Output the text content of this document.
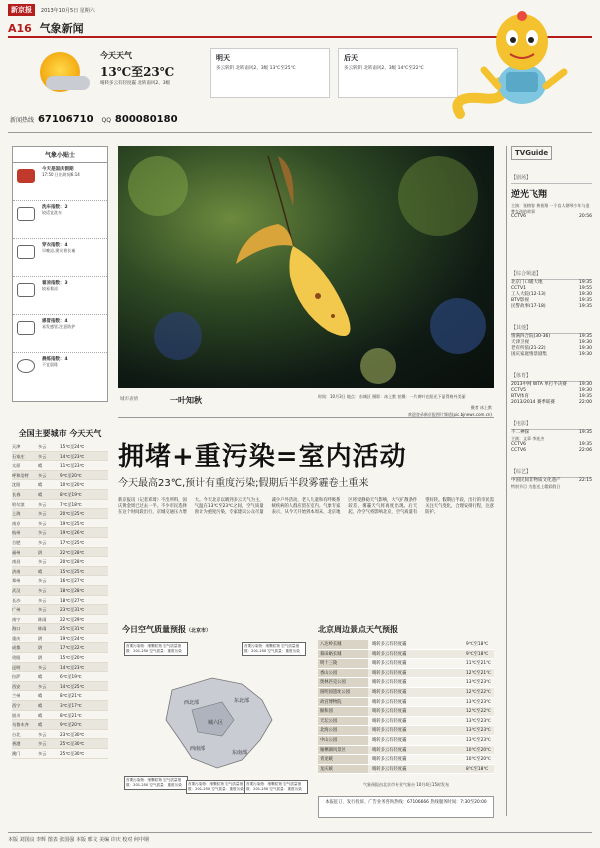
新京报 2013年10月5日 星期六
A16 气象新闻
今天天气
13℃至23℃
晴转多云有轻度霾 北转南风2、3级
明天
多云转阴 北转南风2、3级 13℃至25℃
后天
多云转阴 北转南风2、3级 14℃至22℃
新闻热线 67106710 QQ 800080180
气象小贴士
今天是国庆假期
17:50 日出时间6:14
洗车指数：2
较适宜洗车
穿衣指数：4
早晚凉,建议着长袖
着凉指数：3
较易着凉
感冒指数：4
易发感冒,注意防护
晨练指数：4
不宜晨练
城市表情	一叶知秋	时间：10月3日 地点：东城区 摄影：冰上默 拍摄：一片黄叶在阳光下显得格外美丽
摄者 冰上默
欢迎登录新京报图片频道(pic.bjnews.com.cn)
TVGuide
【剧场】
逆光飞翔
主演：张榕容 黄裕翔 一个盲人钢琴少年与追梦女孩的故事
CCTV6	20:56
【综合频道】
北京门口暖大地	19:35
CCTV1	19:55
工人大院(12-13)	19:30
BTV影视	19:35
民警故事(17-18)	19:35
【其他】
情满四合院(30-36)	19:35
天津卫视	19:30
老有所依(21-22)	19:30
国庆家庭情景剧集	19:30
【体育】
2013中网 WTA 单打半决赛	19:30
CCTV5	19:30
BTV体育	19:35
2013/2014 赛季联赛	22:00
【电影】
不二神探	19:35
主演：文章 李连杰
CCTV6	19:35
CCTV6	22:06
【综艺】
中国民间非物质文化遗产	22:15
特别节目 为您送上精彩假日
全国主要城市 今天天气
天津	多云	15℃至24℃
石家庄	多云	14℃至23℃
太原	晴	11℃至23℃
呼和浩特	多云	9℃至20℃
沈阳	晴	10℃至20℃
长春	晴	8℃至19℃
哈尔滨	多云	7℃至18℃
上海	多云	20℃至25℃
南京	多云	19℃至25℃
杭州	多云	19℃至26℃
合肥	多云	17℃至25℃
福州	阴	22℃至28℃
南昌	多云	20℃至28℃
济南	晴	15℃至25℃
郑州	多云	16℃至27℃
武汉	多云	18℃至28℃
长沙	多云	18℃至27℃
广州	多云	23℃至31℃
南宁	阵雨	22℃至29℃
海口	阵雨	25℃至31℃
重庆	阴	19℃至24℃
成都	阴	17℃至22℃
贵阳	阴	15℃至20℃
昆明	多云	14℃至23℃
拉萨	晴	6℃至19℃
西安	多云	14℃至25℃
兰州	晴	8℃至21℃
西宁	晴	3℃至17℃
银川	晴	8℃至21℃
乌鲁木齐	晴	9℃至20℃
台北	多云	23℃至30℃
香港	多云	25℃至30℃
澳门	多云	25℃至30℃
拥堵+重污染=室内活动
今天最高23℃,预计有重度污染;假期后半段雾霾卷土重来
新京报讯（记者邓琦）不出所料，国庆黄金周已过去一半。不少市民选择在这个时间段出行，京城交通压力增大。今天北京以晴到多云天气为主，气温在13℃至23℃之间，空气质量预计为重度污染，专家建议公众尽量减少户外活动，老人儿童和有呼吸系统疾病的人群应留在室内。气象专家表示，从今天开始到本周末，北京地区将受静稳天气影响，大气扩散条件较差，雾霾天气将再度出现。后天起，冷空气将影响北京，空气质量有望好转。假期后半段，出行的市民需关注天气变化，合理安排行程，注意防护。
今日空气质量预报（北京市）
西北部	东北部
西南部
城六区
东南部
首要污染物：细颗粒物 空气质量指数：201-250 空气质量：重度污染
首要污染物：细颗粒物 空气质量指数：201-250 空气质量：重度污染
首要污染物：细颗粒物 空气质量指数：201-250 空气质量：重度污染	首要污染物：细颗粒物 空气质量指数：201-250 空气质量：重度污染
首要污染物：细颗粒物 空气质量指数：201-250 空气质量：重度污染
北京周边景点天气预报
八达岭长城	晴转多云有轻度霾	9℃至18℃
慕田峪长城	晴转多云有轻度霾	9℃至18℃
明十三陵	晴转多云有轻度霾	11℃至21℃
香山公园	晴转多云有轻度霾	12℃至21℃
奥林匹克公园	晴转多云有轻度霾	13℃至23℃
圆明园遗址公园	晴转多云有轻度霾	12℃至22℃
故宫博物院	晴转多云有轻度霾	13℃至23℃
颐和园	晴转多云有轻度霾	12℃至22℃
天坛公园	晴转多云有轻度霾	13℃至23℃
北海公园	晴转多云有轻度霾	13℃至23℃
中山公园	晴转多云有轻度霾	13℃至23℃
雁栖湖风景区	晴转多云有轻度霾	10℃至20℃
青龙峡	晴转多云有轻度霾	10℃至20℃
龙庆峡	晴转多云有轻度霾	8℃至18℃
气象预报由北京市专业气象台 10月4日15时发布
本报征订、发行投诉、广告业务咨询热线：67106666 热线服务时间：7:30至20:00
本版 刘国良 李辉 图表 张国强 本版 邢文 美编 许庆 校对 何中钢
